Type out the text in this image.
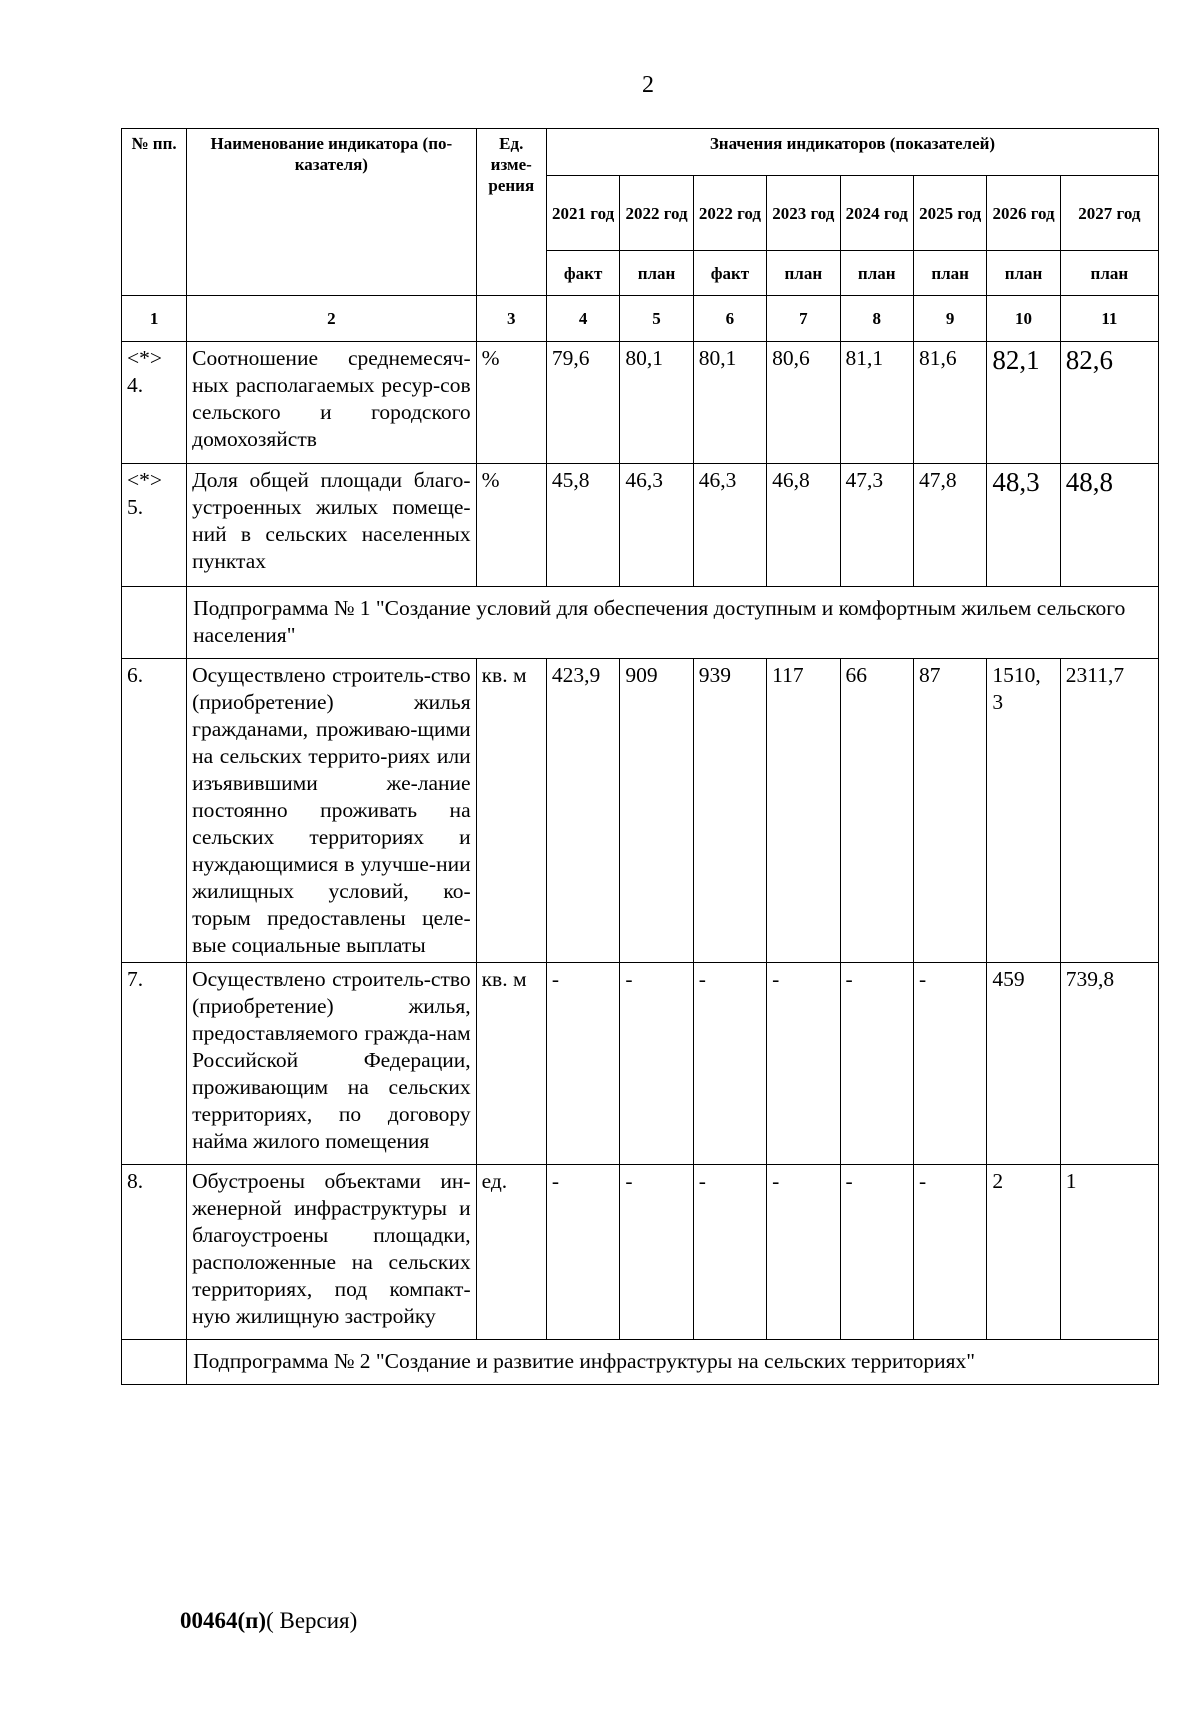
2
№ пп.	Наименование индикатора (по-казателя)	Ед. изме-рения	Значения индикаторов (показателей)							
			2021 год	2022 год	2022 год	2023 год	2024 год	2025 год	2026 год	2027 год
			факт	план	факт	план	план	план	план	план
1	2	3	4	5	6	7	8	9	10	11
<*> 4.	Соотношение среднемесяч-ных располагаемых ресур-сов сельского и городского домохозяйств	%	79,6	80,1	80,1	80,6	81,1	81,6	82,1	82,6
<*> 5.	Доля общей площади благо-устроенных жилых помеще-ний в сельских населенных пунктах	%	45,8	46,3	46,3	46,8	47,3	47,8	48,3	48,8
	Подпрограмма № 1 "Создание условий для обеспечения доступным и комфортным жильем сельского населения"									
6.	Осуществлено строитель-ство (приобретение) жилья гражданами, проживаю-щими на сельских террито-риях или изъявившими же-лание постоянно проживать на сельских территориях и нуждающимися в улучше-нии жилищных условий, ко-торым предоставлены целе-вые социальные выплаты	кв. м	423,9	909	939	117	66	87	1510, 3	2311,7
7.	Осуществлено строитель-ство (приобретение) жилья, предоставляемого гражда-нам Российской Федерации, проживающим на сельских территориях, по договору найма жилого помещения	кв. м	-	-	-	-	-	-	459	739,8
8.	Обустроены объектами ин-женерной инфраструктуры и благоустроены площадки, расположенные на сельских территориях, под компакт-ную жилищную застройку	ед.	-	-	-	-	-	-	2	1
	Подпрограмма № 2 "Создание и развитие инфраструктуры на сельских территориях"									
00464(п)( Версия)
